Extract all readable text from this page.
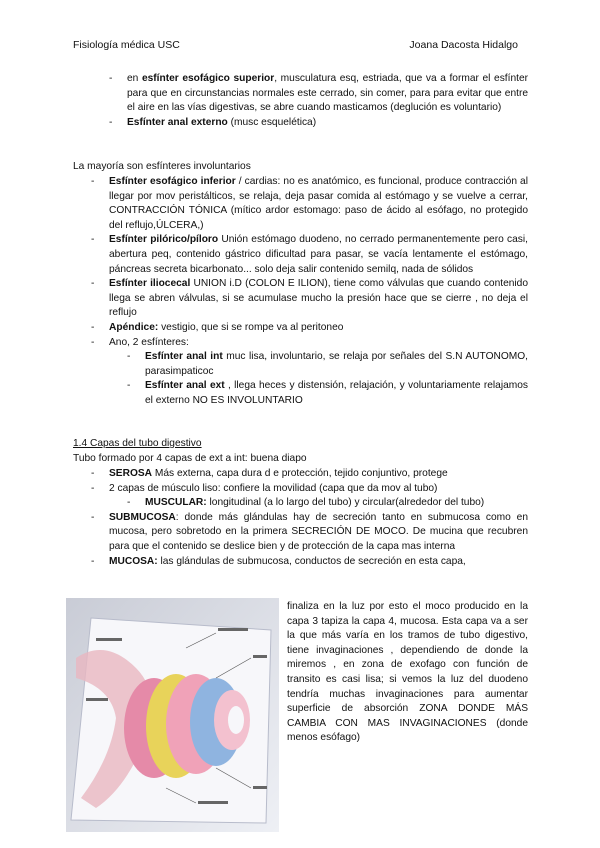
Fisiología médica USC	Joana Dacosta Hidalgo
- en esfínter esofágico superior, musculatura esq, estriada, que va a formar el esfínter para que en circunstancias normales este cerrado, sin comer, para para evitar que entre el aire en las vías digestivas, se abre cuando masticamos (deglución es voluntario)
- Esfínter anal externo (musc esquelética)
La mayoría son esfínteres involuntarios
- Esfínter esofágico inferior / cardias: no es anatómico, es funcional, produce contracción al llegar por mov peristálticos, se relaja, deja pasar comida al estómago y se vuelve a cerrar, CONTRACCIÓN TÓNICA (mítico ardor estomago: paso de ácido al esófago, no protegido del reflujo,ÚLCERA,)
- Esfínter pilórico/píloro Unión estómago duodeno, no cerrado permanentemente pero casi, abertura peq, contenido gástrico dificultad para pasar, se vacía lentamente el estómago, páncreas secreta bicarbonato... solo deja salir contenido semilq, nada de sólidos
- Esfínter iliocecal UNION i.D (COLON E ILION), tiene como válvulas que cuando contenido llega se abren válvulas, si se acumulase mucho la presión hace que se cierre , no deja el reflujo
- Apéndice: vestigio, que si se rompe va al peritoneo
- Ano, 2 esfínteres:
- Esfínter anal int muc lisa, involuntario, se relaja por señales del S.N AUTONOMO, parasimpaticoc
- Esfínter anal ext , llega heces y distensión, relajación, y voluntariamente relajamos el externo NO ES INVOLUNTARIO
1.4 Capas del tubo digestivo
Tubo formado por 4 capas de ext a int: buena diapo
- SEROSA Más externa, capa dura d e protección, tejido conjuntivo, protege
- 2 capas de músculo liso: confiere la movilidad (capa que da mov al tubo)
- MUSCULAR: longitudinal (a lo largo del tubo) y circular(alrededor del tubo)
- SUBMUCOSA: donde más glándulas hay de secreción tanto en submucosa como en mucosa, pero sobretodo en la primera SECRECIÓN DE MOCO. De mucina que recubren para que el contenido se deslice bien y de protección de la capa mas interna
- MUCOSA: las glándulas de submucosa, conductos de secreción en esta capa,
finaliza en la luz por esto el moco producido en la capa 3 tapiza la capa 4, mucosa. Esta capa va a ser la que más varía en los tramos de tubo digestivo, tiene invaginaciones , dependiendo de donde la miremos , en zona de exofago con función de transito es casi lisa; si vemos la luz del duodeno tendría muchas invaginaciones para aumentar superficie de absorción ZONA DONDE MÁS CAMBIA CON MAS INVAGINACIONES (donde menos esófago)
